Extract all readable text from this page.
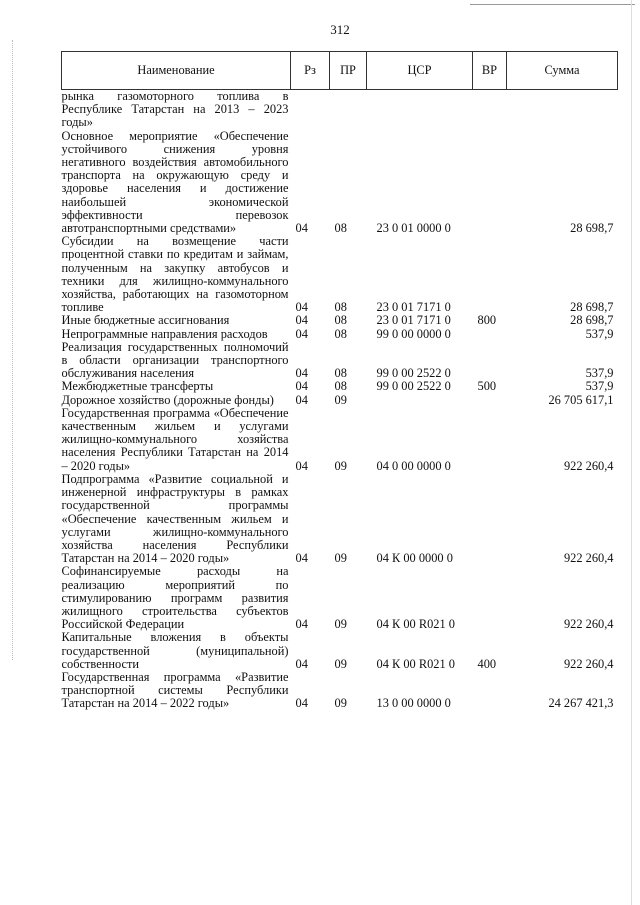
312
Наименование	Рз	ПР	ЦСР	ВР	Сумма
рынка газомоторного топлива в Республике Татарстан на 2013 – 2023 годы»					
Основное мероприятие «Обеспечение устойчивого снижения уровня негативного воздействия автомобильного транспорта на окружающую среду и здоровье населения и достижение наибольшей экономической эффективности перевозок автотранспортными средствами»	04	08	23 0 01 0000 0		28 698,7
Субсидии на возмещение части процентной ставки по кредитам и займам, полученным на закупку автобусов и техники для жилищно-коммунального хозяйства, работающих на газомоторном топливе	04	08	23 0 01 7171 0		28 698,7
Иные бюджетные ассигнования	04	08	23 0 01 7171 0	800	28 698,7
Непрограммные направления расходов	04	08	99 0 00 0000 0		537,9
Реализация государственных полномочий в области организации транспортного обслуживания населения	04	08	99 0 00 2522 0		537,9
Межбюджетные трансферты	04	08	99 0 00 2522 0	500	537,9
Дорожное хозяйство (дорожные фонды)	04	09			26 705 617,1
Государственная программа «Обеспечение качественным жильем и услугами жилищно-коммунального хозяйства населения Республики Татарстан на 2014 – 2020 годы»	04	09	04 0 00 0000 0		922 260,4
Подпрограмма «Развитие социальной и инженерной инфраструктуры в рамках государственной программы «Обеспечение качественным жильем и услугами жилищно-коммунального хозяйства населения Республики Татарстан на 2014 – 2020 годы»	04	09	04 К 00 0000 0		922 260,4
Софинансируемые расходы на реализацию мероприятий по стимулированию программ развития жилищного строительства субъектов Российской Федерации	04	09	04 К 00 R021 0		922 260,4
Капитальные вложения в объекты государственной (муниципальной) собственности	04	09	04 К 00 R021 0	400	922 260,4
Государственная программа «Развитие транспортной системы Республики Татарстан на 2014 – 2022 годы»	04	09	13 0 00 0000 0		24 267 421,3
